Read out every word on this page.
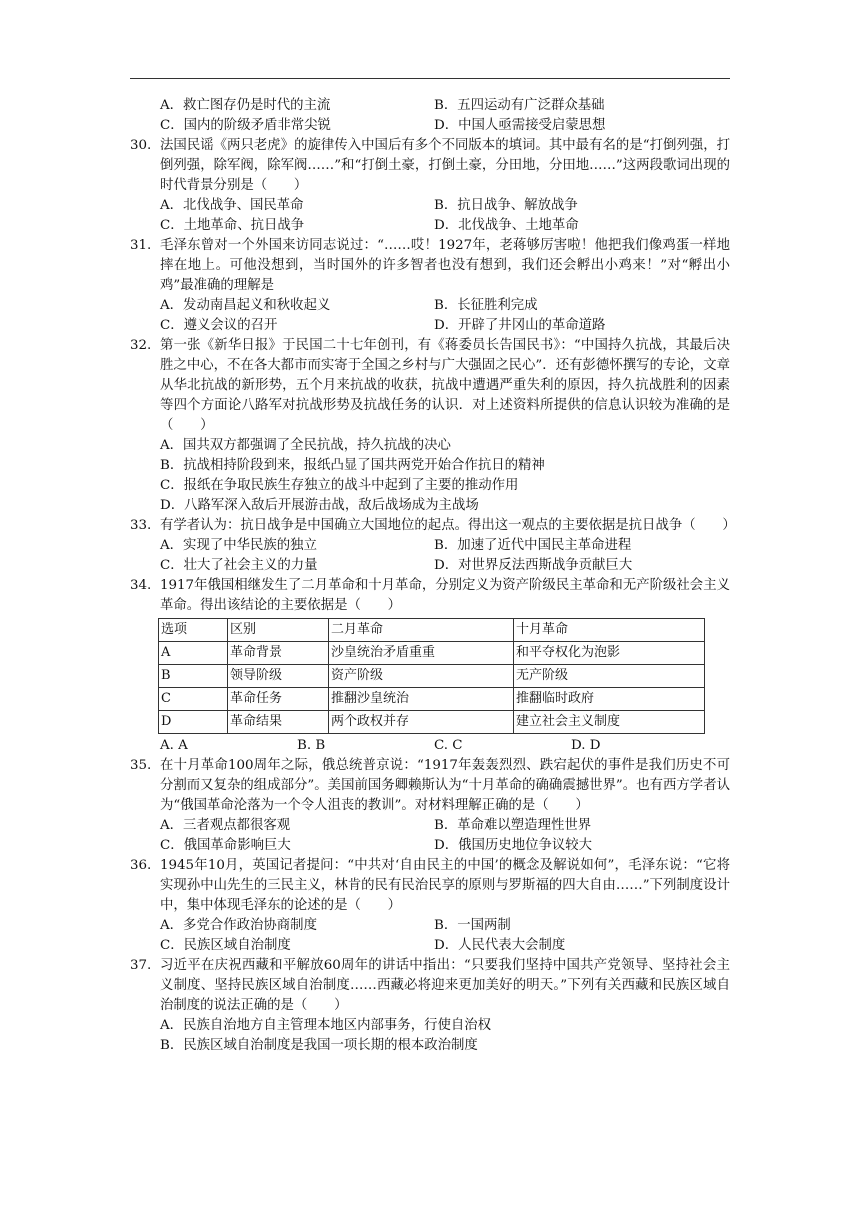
A．救亡图存仍是时代的主流	B．五四运动有广泛群众基础
C．国内的阶级矛盾非常尖锐	D．中国人亟需接受启蒙思想
30. 法国民谣《两只老虎》的旋律传入中国后有多个不同版本的填词。其中最有名的是“打倒列强，打倒列强，除军阀，除军阀……”和“打倒土豪，打倒土豪，分田地，分田地……”这两段歌词出现的时代背景分别是（　　）
A．北伐战争、国民革命	B．抗日战争、解放战争
C．土地革命、抗日战争	D．北伐战争、土地革命
31. 毛泽东曾对一个外国来访同志说过：“……哎！1927年，老蒋够厉害啦！他把我们像鸡蛋一样地摔在地上。可他没想到，当时国外的许多智者也没有想到，我们还会孵出小鸡来！”对“孵出小鸡”最准确的理解是
A．发动南昌起义和秋收起义	B．长征胜利完成
C．遵义会议的召开	D．开辟了井冈山的革命道路
32. 第一张《新华日报》于民国二十七年创刊，有《蒋委员长告国民书》：“中国持久抗战，其最后决胜之中心，不在各大都市而实寄于全国之乡村与广大强固之民心”．还有彭德怀撰写的专论，文章从华北抗战的新形势，五个月来抗战的收获，抗战中遭遇严重失利的原因，持久抗战胜利的因素等四个方面论八路军对抗战形势及抗战任务的认识．对上述资料所提供的信息认识较为准确的是（　　）
A．国共双方都强调了全民抗战，持久抗战的决心
B．抗战相持阶段到来，报纸凸显了国共两党开始合作抗日的精神
C．报纸在争取民族生存独立的战斗中起到了主要的推动作用
D．八路军深入敌后开展游击战，敌后战场成为主战场
33. 有学者认为：抗日战争是中国确立大国地位的起点。得出这一观点的主要依据是抗日战争（　　）
A．实现了中华民族的独立	B．加速了近代中国民主革命进程
C．壮大了社会主义的力量	D．对世界反法西斯战争贡献巨大
34. 1917年俄国相继发生了二月革命和十月革命，分别定义为资产阶级民主革命和无产阶级社会主义革命。得出该结论的主要依据是（　　）
选项	区别	二月革命	十月革命
A	革命背景	沙皇统治矛盾重重	和平夺权化为泡影
B	领导阶级	资产阶级	无产阶级
C	革命任务	推翻沙皇统治	推翻临时政府
D	革命结果	两个政权并存	建立社会主义制度
A. A	B. B	C. C	D. D
35. 在十月革命100周年之际，俄总统普京说：“1917年轰轰烈烈、跌宕起伏的事件是我们历史不可分割而又复杂的组成部分”。美国前国务卿赖斯认为“十月革命的确确震撼世界”。也有西方学者认为“俄国革命沦落为一个令人沮丧的教训”。对材料理解正确的是（　　）
A．三者观点都很客观	B．革命难以塑造理性世界
C．俄国革命影响巨大	D．俄国历史地位争议较大
36. 1945年10月，英国记者提问：“中共对‘自由民主的中国’的概念及解说如何”，毛泽东说：“它将实现孙中山先生的三民主义，林肯的民有民治民享的原则与罗斯福的四大自由……”下列制度设计中，集中体现毛泽东的论述的是（　　）
A．多党合作政治协商制度	B．一国两制
C．民族区域自治制度	D．人民代表大会制度
37. 习近平在庆祝西藏和平解放60周年的讲话中指出：“只要我们坚持中国共产党领导、坚持社会主义制度、坚持民族区域自治制度……西藏必将迎来更加美好的明天。”下列有关西藏和民族区域自治制度的说法正确的是（　　）
A．民族自治地方自主管理本地区内部事务，行使自治权
B．民族区域自治制度是我国一项长期的根本政治制度
